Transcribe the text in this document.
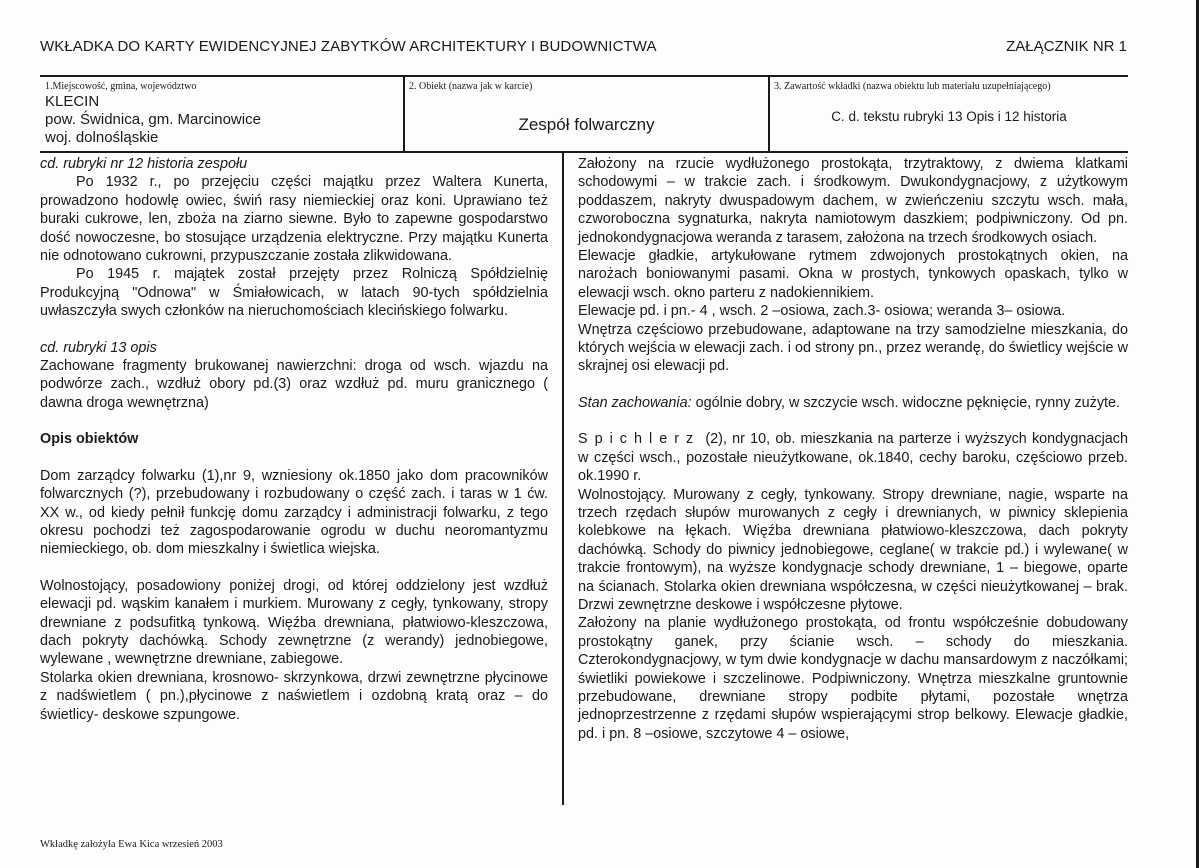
WKŁADKA DO KARTY EWIDENCYJNEJ ZABYTKÓW ARCHITEKTURY I BUDOWNICTWA	ZAŁĄCZNIK NR 1
1.Miejscowość, gmina, województwo
KLECIN
pow. Świdnica, gm. Marcinowice
woj. dolnośląskie
2. Obiekt (nazwa jak w karcie)
Zespół folwarczny
3. Zawartość wkładki (nazwa obiektu lub materiału uzupełniającego)
C. d. tekstu rubryki 13 Opis i 12 historia

cd. rubryki nr 12 historia zespołu

Po 1932 r., po przejęciu części majątku przez Waltera Kunerta, prowadzono hodowlę owiec, świń rasy niemieckiej oraz koni. Uprawiano też buraki cukrowe, len, zboża na ziarno siewne. Było to zapewne gospodarstwo dość nowoczesne, bo stosujące urządzenia elektryczne. Przy majątku Kunerta nie odnotowano cukrowni, przypuszczanie została zlikwidowana.

Po 1945 r. majątek został przejęty przez Rolniczą Spółdzielnię Produkcyjną "Odnowa" w Śmiałowicach, w latach 90-tych spółdzielnia uwłaszczyła swych członków na nieruchomościach klecińskiego folwarku.

cd. rubryki 13 opis

Zachowane fragmenty brukowanej nawierzchni: droga od wsch. wjazdu na podwórze zach., wzdłuż obory pd.(3) oraz wzdłuż pd. muru granicznego ( dawna droga wewnętrzna)

Opis obiektów

Dom zarządcy folwarku (1),nr 9, wzniesiony ok.1850 jako dom pracowników folwarcznych (?), przebudowany i rozbudowany o część zach. i taras w 1 ćw. XX w., od kiedy pełnił funkcję domu zarządcy i administracji folwarku, z tego okresu pochodzi też zagospodarowanie ogrodu w duchu neoromantyzmu niemieckiego, ob. dom mieszkalny i świetlica wiejska.

Wolnostojący, posadowiony poniżej drogi, od której oddzielony jest wzdłuż elewacji pd. wąskim kanałem i murkiem. Murowany z cegły, tynkowany, stropy drewniane z podsufitką tynkową. Więźba drewniana, płatwiowo-kleszczowa, dach pokryty dachówką. Schody zewnętrzne (z werandy) jednobiegowe, wylewane , wewnętrzne drewniane, zabiegowe.

Stolarka okien drewniana, krosnowo- skrzynkowa, drzwi zewnętrzne płycinowe z nadświetlem ( pn.),płycinowe z naświetlem i ozdobną kratą oraz – do świetlicy- deskowe szpungowe.

Założony na rzucie wydłużonego prostokąta, trzytraktowy, z dwiema klatkami schodowymi – w trakcie zach. i środkowym. Dwukondygnacjowy, z użytkowym poddaszem, nakryty dwuspadowym dachem, w zwieńczeniu szczytu wsch. mała, czworoboczna sygnaturka, nakryta namiotowym daszkiem; podpiwniczony. Od pn. jednokondygnacjowa weranda z tarasem, założona na trzech środkowych osiach.

Elewacje gładkie, artykułowane rytmem zdwojonych prostokątnych okien, na narożach boniowanymi pasami. Okna w prostych, tynkowych opaskach, tylko w elewacji wsch. okno parteru z nadokiennikiem.

Elewacje pd. i pn.- 4 , wsch. 2 –osiowa, zach.3- osiowa; weranda 3– osiowa.

Wnętrza częściowo przebudowane, adaptowane na trzy samodzielne mieszkania, do których wejścia w elewacji zach. i od strony pn., przez werandę, do świetlicy wejście w skrajnej osi elewacji pd.

Stan zachowania: ogólnie dobry, w szczycie wsch. widoczne pęknięcie, rynny zużyte.

Spichlerz (2), nr 10, ob. mieszkania na parterze i wyższych kondygnacjach w części wsch., pozostałe nieużytkowane, ok.1840, cechy baroku, częściowo przeb. ok.1990 r.

Wolnostojący. Murowany z cegły, tynkowany. Stropy drewniane, nagie, wsparte na trzech rzędach słupów murowanych z cegły i drewnianych, w piwnicy sklepienia kolebkowe na łękach. Więźba drewniana płatwiowo-kleszczowa, dach pokryty dachówką. Schody do piwnicy jednobiegowe, ceglane( w trakcie pd.) i wylewane( w trakcie frontowym), na wyższe kondygnacje schody drewniane, 1 – biegowe, oparte na ścianach. Stolarka okien drewniana współczesna, w części nieużytkowanej – brak. Drzwi zewnętrzne deskowe i współczesne płytowe.

Założony na planie wydłużonego prostokąta, od frontu współcześnie dobudowany prostokątny ganek, przy ścianie wsch. – schody do mieszkania. Czterokondygnacjowy, w tym dwie kondygnacje w dachu mansardowym z naczółkami; świetliki powiekowe i szczelinowe. Podpiwniczony. Wnętrza mieszkalne gruntownie przebudowane, drewniane stropy podbite płytami, pozostałe wnętrza jednoprzestrzenne z rzędami słupów wspierającymi strop belkowy. Elewacje gładkie, pd. i pn. 8 –osiowe, szczytowe 4 – osiowe,

Wkładkę założyła Ewa Kica wrzesień 2003
